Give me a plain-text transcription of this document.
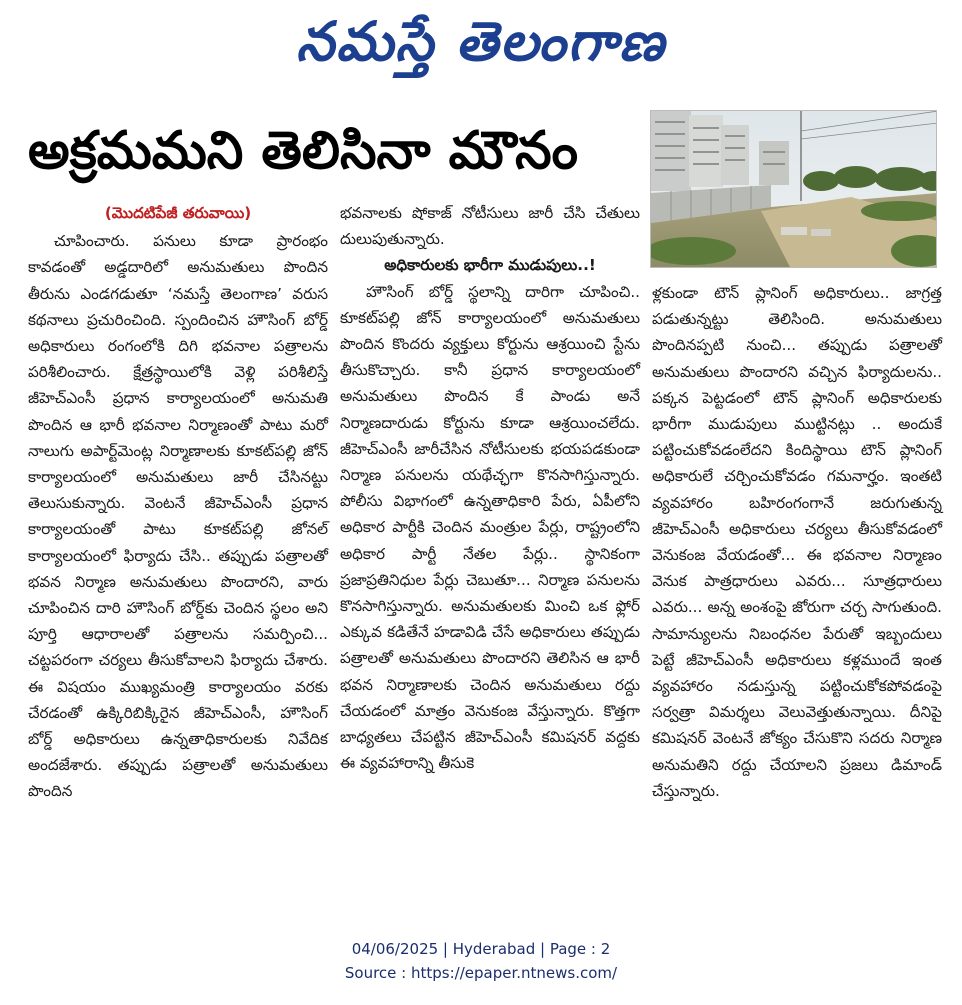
నమస్తే తెలంగాణ
అక్రమమని తెలిసినా మౌనం
(మొదటిపేజీ తరువాయి)

చూపించారు. పనులు కూడా ప్రారంభం కావడంతో అడ్డదారిలో అనుమతులు పొందిన తీరును ఎండగడుతూ ‘నమస్తే తెలంగాణ’ వరుస కథనాలు ప్రచురించింది. స్పందించిన హౌసింగ్ బోర్డ్ అధికారులు రంగంలోకి దిగి భవనాల పత్రాలను పరిశీలించారు. క్షేత్రస్థాయిలోకి వెళ్లి పరిశీలిస్తే జీహెచ్ఎంసీ ప్రధాన కార్యాలయంలో అనుమతి పొందిన ఆ భారీ భవనాల నిర్మాణంతో పాటు మరో నాలుగు అపార్ట్‌మెంట్ల నిర్మాణాలకు కూకట్‌పల్లి జోన్ కార్యాలయంలో అనుమతులు జారీ చేసినట్టు తెలుసుకున్నారు. వెంటనే జీహెచ్ఎంసీ ప్రధాన కార్యాలయంతో పాటు కూకట్‌పల్లి జోనల్ కార్యాలయంలో ఫిర్యాదు చేసి.. తప్పుడు పత్రాలతో భవన నిర్మాణ అనుమతులు పొందారని, వారు చూపించిన దారి హౌసింగ్ బోర్డ్‌కు చెందిన స్థలం అని పూర్తి ఆధారాలతో పత్రాలను సమర్పించి... చట్టపరంగా చర్యలు తీసుకోవాలని ఫిర్యాదు చేశారు. ఈ విషయం ముఖ్యమంత్రి కార్యాలయం వరకు చేరడంతో ఉక్కిరిబిక్కిరైన జీహెచ్ఎంసీ, హౌసింగ్ బోర్డ్ అధికారులు ఉన్నతాధికారులకు నివేదిక అందజేశారు. తప్పుడు పత్రాలతో అనుమతులు పొందిన

భవనాలకు షోకాజ్ నోటీసులు జారీ చేసి చేతులు దులుపుతున్నారు.

అధికారులకు భారీగా ముడుపులు..!

హౌసింగ్ బోర్డ్ స్థలాన్ని దారిగా చూపించి.. కూకట్‌పల్లి జోన్ కార్యాలయంలో అనుమతులు పొందిన కొందరు వ్యక్తులు కోర్టును ఆశ్రయించి స్టేను తీసుకొచ్చారు. కానీ ప్రధాన కార్యాలయంలో అనుమతులు పొందిన కే పాండు అనే నిర్మాణదారుడు కోర్టును కూడా ఆశ్రయించలేదు. జీహెచ్ఎంసీ జారీచేసిన నోటీసులకు భయపడకుండా నిర్మాణ పనులను యథేచ్ఛగా కొనసాగిస్తున్నారు. పోలీసు విభాగంలో ఉన్నతాధికారి పేరు, ఏపీలోని అధికార పార్టీకి చెందిన మంత్రుల పేర్లు, రాష్ట్రంలోని అధికార పార్టీ నేతల పేర్లు.. స్థానికంగా ప్రజాప్రతినిధుల పేర్లు చెబుతూ... నిర్మాణ పనులను కొనసాగిస్తున్నారు. అనుమతులకు మించి ఒక ఫ్లోర్ ఎక్కువ కడితేనే హడావిడి చేసే అధికారులు తప్పుడు పత్రాలతో అనుమతులు పొందారని తెలిసిన ఆ భారీ భవన నిర్మాణాలకు చెందిన అనుమతులు రద్దు చేయడంలో మాత్రం వెనుకంజ వేస్తున్నారు. కొత్తగా బాధ్యతలు చేపట్టిన జీహెచ్ఎంసీ కమిషనర్ వద్దకు ఈ వ్యవహారాన్ని తీసుకె

ళ్లకుండా టౌన్ ప్లానింగ్ అధికారులు.. జాగ్రత్త పడుతున్నట్టు తెలిసింది. అనుమతులు పొందినప్పటి నుంచి... తప్పుడు పత్రాలతో అనుమతులు పొందారని వచ్చిన ఫిర్యాదులను.. పక్కన పెట్టడంలో టౌన్ ప్లానింగ్ అధికారులకు భారీగా ముడుపులు ముట్టినట్లు .. అందుకే పట్టించుకోవడంలేదని కిందిస్థాయి టౌన్ ప్లానింగ్ అధికారులే చర్చించుకోవడం గమనార్హం. ఇంతటి వ్యవహారం బహిరంగంగానే జరుగుతున్న జీహెచ్ఎంసీ అధికారులు చర్యలు తీసుకోవడంలో వెనుకంజ వేయడంతో... ఈ భవనాల నిర్మాణం వెనుక పాత్రధారులు ఎవరు... సూత్రధారులు ఎవరు... అన్న అంశంపై జోరుగా చర్చ సాగుతుంది. సామాన్యులను నిబంధనల పేరుతో ఇబ్బందులు పెట్టే జీహెచ్ఎంసీ అధికారులు కళ్లముందే ఇంత వ్యవహారం నడుస్తున్న పట్టించుకోకపోవడంపై సర్వత్రా విమర్శలు వెలువెత్తుతున్నాయి. దీనిపై కమిషనర్ వెంటనే జోక్యం చేసుకొని సదరు నిర్మాణ అనుమతిని రద్దు చేయాలని ప్రజలు డిమాండ్ చేస్తున్నారు.

04/06/2025 | Hyderabad | Page : 2
Source : https://epaper.ntnews.com/
